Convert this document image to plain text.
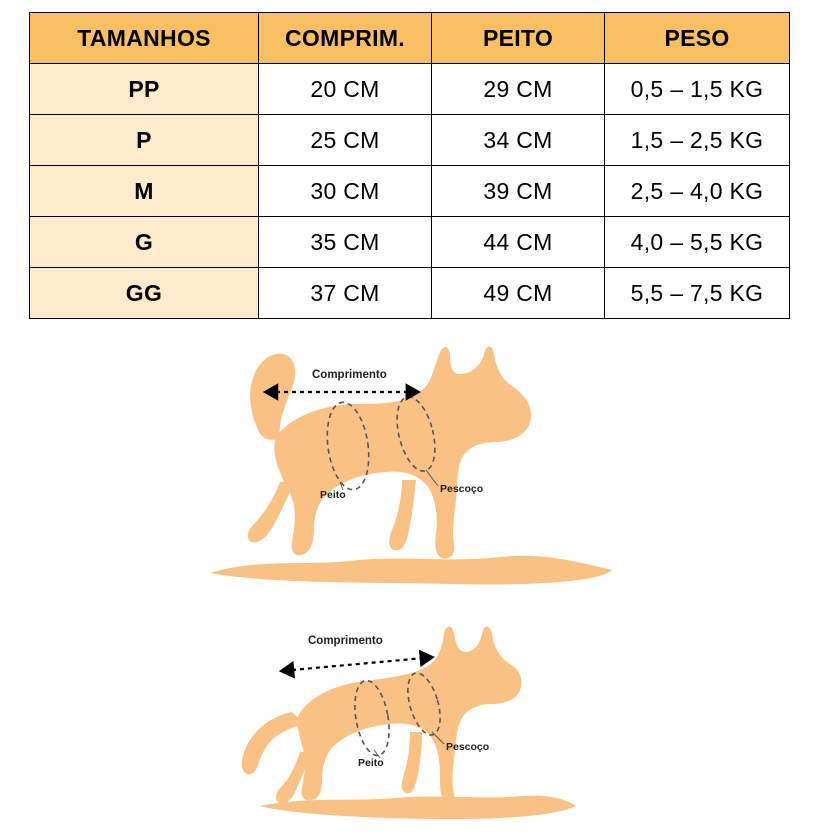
TAMANHOS	COMPRIM.	PEITO	PESO
PP	20 CM	29 CM	0,5 – 1,5 KG
P	25 CM	34 CM	1,5 – 2,5 KG
M	30 CM	39 CM	2,5 – 4,0 KG
G	35 CM	44 CM	4,0 – 5,5 KG
GG	37 CM	49 CM	5,5 – 7,5 KG
Comprimento
Peito	Pescoço
Comprimento
Peito
Pescoço
